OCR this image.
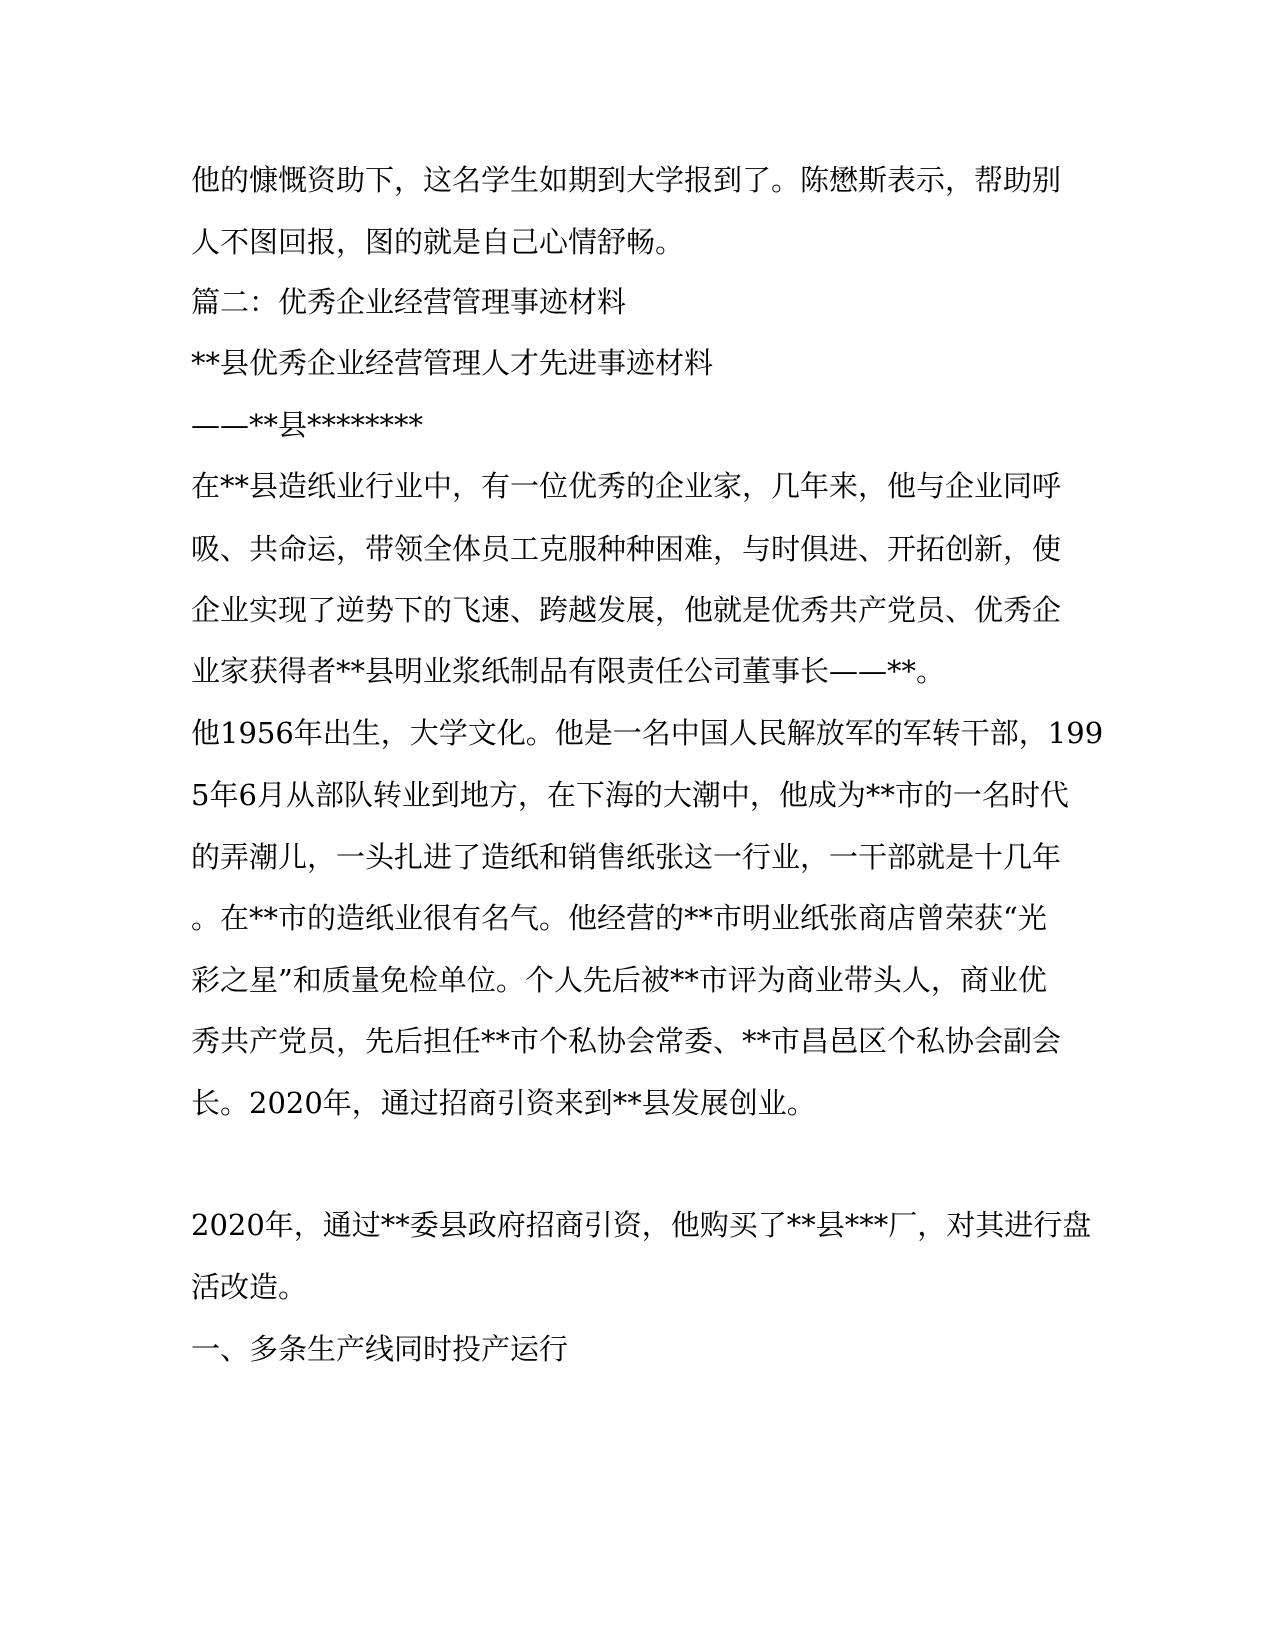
他的慷慨资助下，这名学生如期到大学报到了。陈懋斯表示，帮助别
人不图回报，图的就是自己心情舒畅。
篇二：优秀企业经营管理事迹材料
**县优秀企业经营管理人才先进事迹材料
——**县********
在**县造纸业行业中，有一位优秀的企业家，几年来，他与企业同呼
吸、共命运，带领全体员工克服种种困难，与时俱进、开拓创新，使
企业实现了逆势下的飞速、跨越发展，他就是优秀共产党员、优秀企
业家获得者**县明业浆纸制品有限责任公司董事长——**。
他1956年出生，大学文化。他是一名中国人民解放军的军转干部，199
5年6月从部队转业到地方，在下海的大潮中，他成为**市的一名时代
的弄潮儿，一头扎进了造纸和销售纸张这一行业，一干部就是十几年
。在**市的造纸业很有名气。他经营的**市明业纸张商店曾荣获“光
彩之星”和质量免检单位。个人先后被**市评为商业带头人，商业优
秀共产党员，先后担任**市个私协会常委、**市昌邑区个私协会副会
长。2020年，通过招商引资来到**县发展创业。
2020年，通过**委县政府招商引资，他购买了**县***厂，对其进行盘
活改造。
一、多条生产线同时投产运行
